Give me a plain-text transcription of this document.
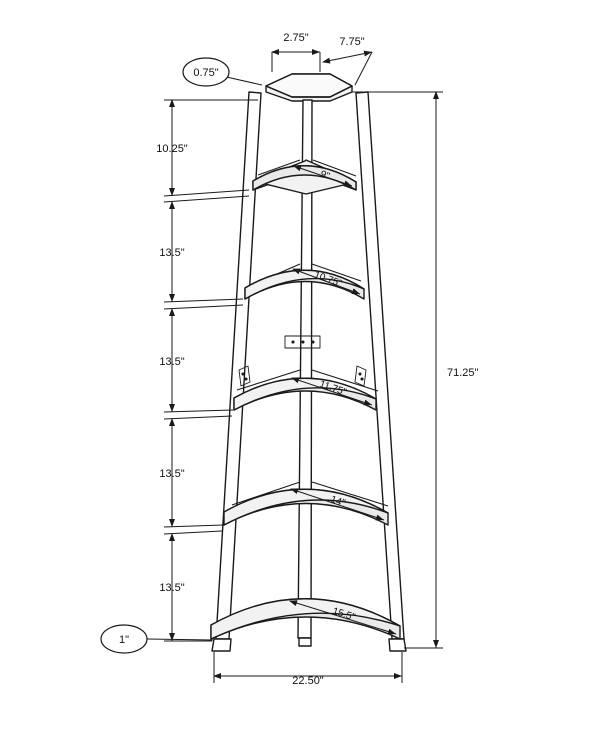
0.75"
1"
2.75"	7.75"
71.25"
22.50"
10.25"
13.5"
13.5"
13.5"
13.5"
9"
10.75"
11.75"
14"
15.5"
